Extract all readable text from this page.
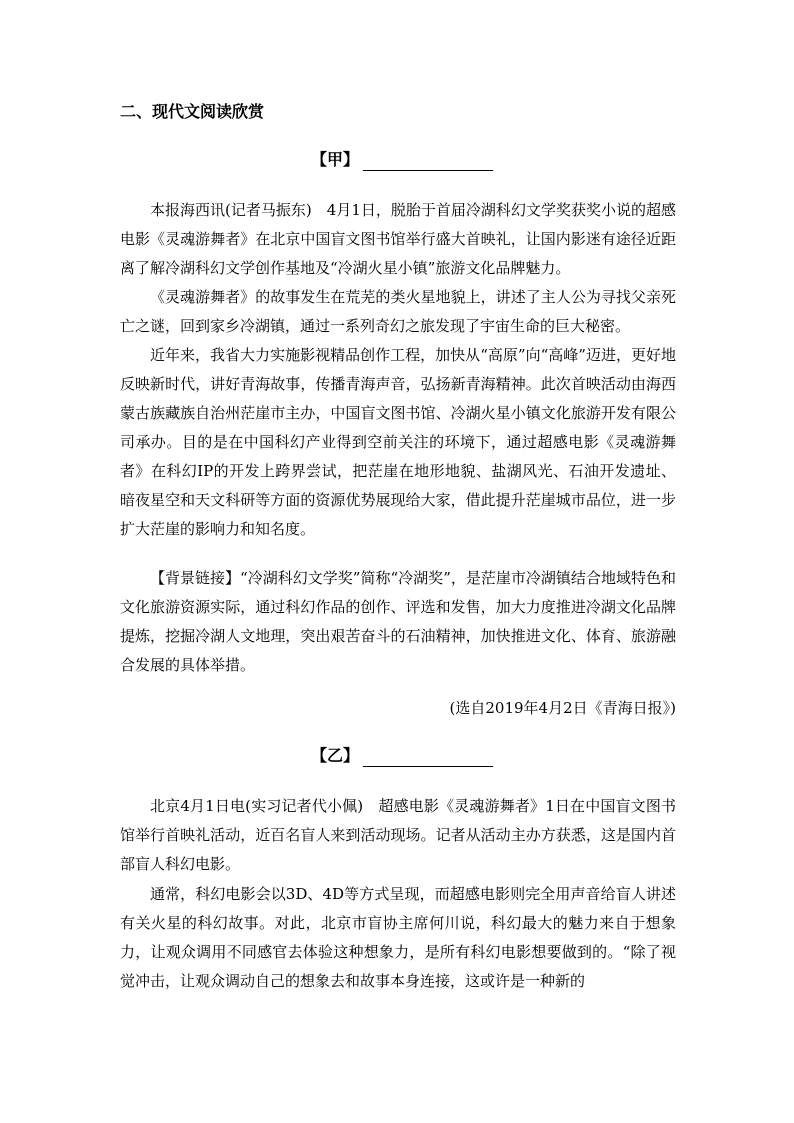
二、现代文阅读欣赏
【甲】

本报海西讯(记者马振东)　4月1日，脱胎于首届冷湖科幻文学奖获奖小说的超感电影《灵魂游舞者》在北京中国盲文图书馆举行盛大首映礼，让国内影迷有途径近距离了解冷湖科幻文学创作基地及“冷湖火星小镇”旅游文化品牌魅力。

《灵魂游舞者》的故事发生在荒芜的类火星地貌上，讲述了主人公为寻找父亲死亡之谜，回到家乡冷湖镇，通过一系列奇幻之旅发现了宇宙生命的巨大秘密。

近年来，我省大力实施影视精品创作工程，加快从“高原”向“高峰”迈进，更好地反映新时代，讲好青海故事，传播青海声音，弘扬新青海精神。此次首映活动由海西蒙古族藏族自治州茫崖市主办，中国盲文图书馆、冷湖火星小镇文化旅游开发有限公司承办。目的是在中国科幻产业得到空前关注的环境下，通过超感电影《灵魂游舞者》在科幻IP的开发上跨界尝试，把茫崖在地形地貌、盐湖风光、石油开发遗址、暗夜星空和天文科研等方面的资源优势展现给大家，借此提升茫崖城市品位，进一步扩大茫崖的影响力和知名度。

【背景链接】“冷湖科幻文学奖”简称“冷湖奖”，是茫崖市冷湖镇结合地域特色和文化旅游资源实际，通过科幻作品的创作、评选和发售，加大力度推进冷湖文化品牌提炼，挖掘冷湖人文地理，突出艰苦奋斗的石油精神，加快推进文化、体育、旅游融合发展的具体举措。

(选自2019年4月2日《青海日报》)

【乙】

北京4月1日电(实习记者代小佩)　超感电影《灵魂游舞者》1日在中国盲文图书馆举行首映礼活动，近百名盲人来到活动现场。记者从活动主办方获悉，这是国内首部盲人科幻电影。

通常，科幻电影会以3D、4D等方式呈现，而超感电影则完全用声音给盲人讲述有关火星的科幻故事。对此，北京市盲协主席何川说，科幻最大的魅力来自于想象力，让观众调用不同感官去体验这种想象力，是所有科幻电影想要做到的。“除了视觉冲击，让观众调动自己的想象去和故事本身连接，这或许是一种新的
